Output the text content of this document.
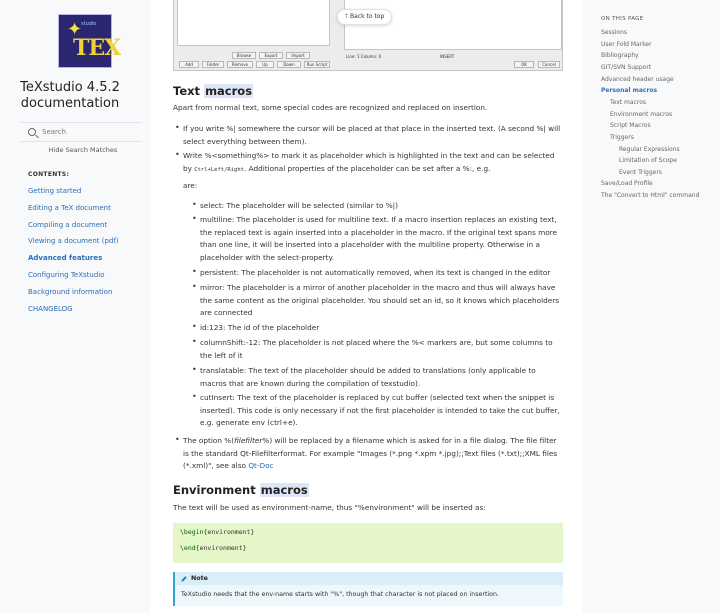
✦
studio
TEX
TeXstudio 4.5.2 documentation
Search
Hide Search Matches
CONTENTS:
Getting started
Editing a TeX document
Compiling a document
Viewing a document (pdf)
Advanced features
Configuring TeXstudio
Background information
CHANGELOG
Browse	Export	Import
Add	Folder	Remove	Up	Down	Run Script
Line: 1 Column: 0	INSERT
OK	Cancel
🡑 Back to top
Text macros
Apart from normal text, some special codes are recognized and replaced on insertion.
•
If you write %| somewhere the cursor will be placed at that place in the inserted text. (A second %| will select everything between them).
•
Write %<something%> to mark it as placeholder which is highlighted in the text and can be selected by Ctrl+Left/Right. Additional properties of the placeholder can be set after a %:, e.g.
are:
•
select: The placeholder will be selected (similar to %|)
•
multiline: The placeholder is used for multiline text. If a macro insertion replaces an existing text, the replaced text is again inserted into a placeholder in the macro. If the original text spans more than one line, it will be inserted into a placeholder with the multiline property. Otherwise in a placeholder with the select-property.
•
persistent: The placeholder is not automatically removed, when its text is changed in the editor
•
mirror: The placeholder is a mirror of another placeholder in the macro and thus will always have the same content as the original placeholder. You should set an id, so it knows which placeholders are connected
•
id:123: The id of the placeholder
•
columnShift:-12: The placeholder is not placed where the %< markers are, but some columns to the left of it
•
translatable: The text of the placeholder should be added to translations (only applicable to macros that are known during the compilation of texstudio).
•
cutInsert: The text of the placeholder is replaced by cut buffer (selected text when the snippet is inserted). This code is only necessary if not the first placeholder is intended to take the cut buffer, e.g. generate env (ctrl+e).
•
The option %(filefilter%) will be replaced by a filename which is asked for in a file dialog. The file filter is the standard Qt-Filefilterformat. For example "Images (*.png *.xpm *.jpg);;Text files (*.txt);;XML files (*.xml)", see also Qt-Doc
Environment macros
The text will be used as environment-name, thus "%environment" will be inserted as:
\begin{environment}
\end{environment}
Note
TeXstudio needs that the env-name starts with "%", though that character is not placed on insertion.
ON THIS PAGE
Sessions
User Fold Marker
Bibliography
GIT/SVN Support
Advanced header usage
Personal macros
Text macros
Environment macros
Script Macros
Triggers
Regular Expressions
Limitation of Scope
Event Triggers
Save/Load Profile
The "Convert to Html" command
